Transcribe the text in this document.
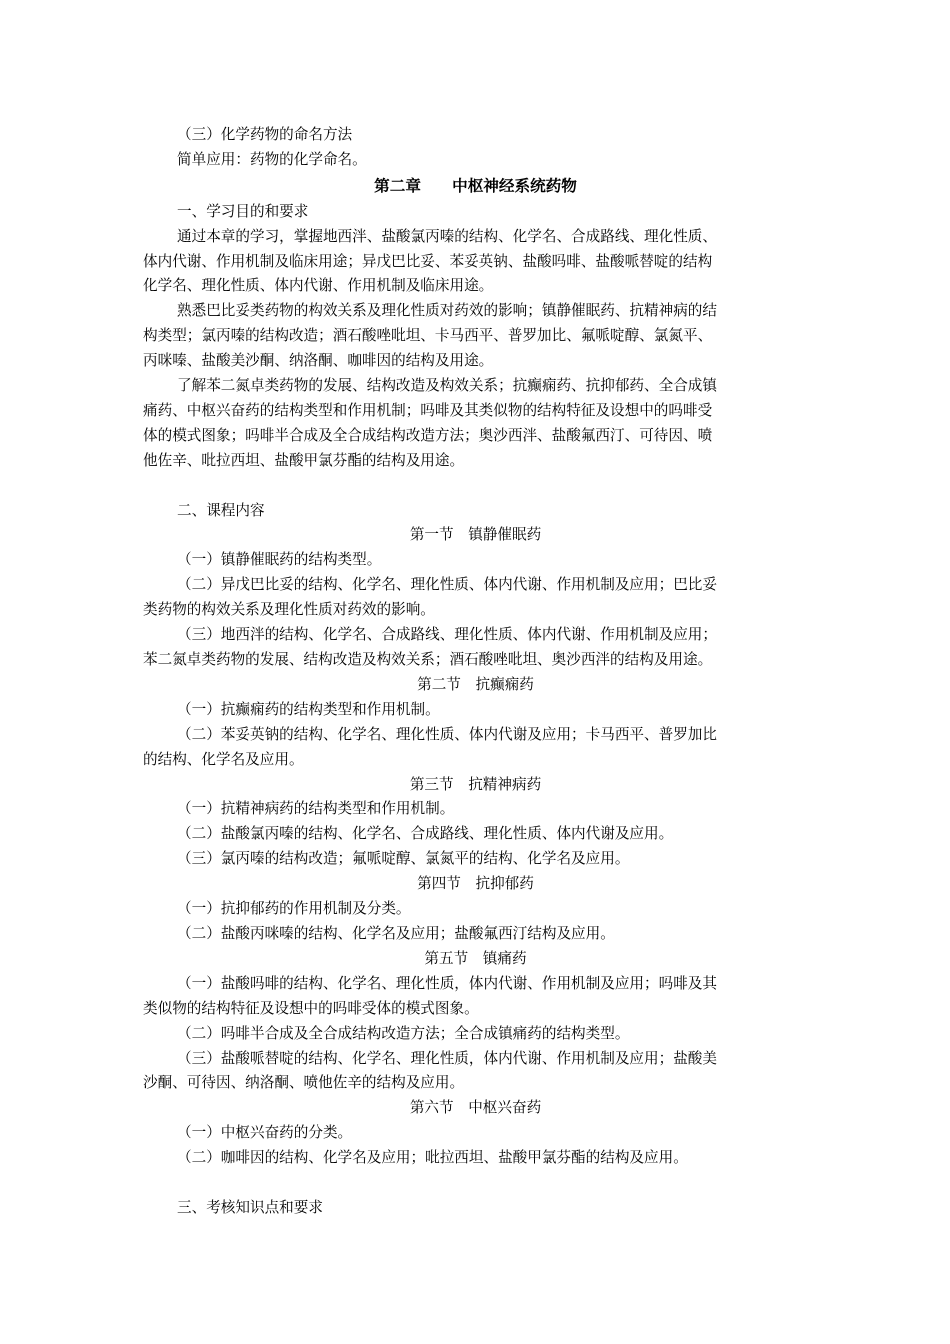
（三）化学药物的命名方法

简单应用：药物的化学命名。

第二章　　中枢神经系统药物

一、学习目的和要求

通过本章的学习，掌握地西泮、盐酸氯丙嗪的结构、化学名、合成路线、理化性质、
体内代谢、作用机制及临床用途；异戊巴比妥、苯妥英钠、盐酸吗啡、盐酸哌替啶的结构
化学名、理化性质、体内代谢、作用机制及临床用途。

熟悉巴比妥类药物的构效关系及理化性质对药效的影响；镇静催眠药、抗精神病的结
构类型；氯丙嗪的结构改造；酒石酸唑吡坦、卡马西平、普罗加比、氟哌啶醇、氯氮平、
丙咪嗪、盐酸美沙酮、纳洛酮、咖啡因的结构及用途。

了解苯二氮卓类药物的发展、结构改造及构效关系；抗癫痫药、抗抑郁药、全合成镇
痛药、中枢兴奋药的结构类型和作用机制；吗啡及其类似物的结构特征及设想中的吗啡受
体的模式图象；吗啡半合成及全合成结构改造方法；奥沙西泮、盐酸氟西汀、可待因、喷
他佐辛、吡拉西坦、盐酸甲氯芬酯的结构及用途。

二、课程内容

第一节　镇静催眠药

（一）镇静催眠药的结构类型。

（二）异戊巴比妥的结构、化学名、理化性质、体内代谢、作用机制及应用；巴比妥
类药物的构效关系及理化性质对药效的影响。

（三）地西泮的结构、化学名、合成路线、理化性质、体内代谢、作用机制及应用；
苯二氮卓类药物的发展、结构改造及构效关系；酒石酸唑吡坦、奥沙西泮的结构及用途。

第二节　抗癫痫药

（一）抗癫痫药的结构类型和作用机制。

（二）苯妥英钠的结构、化学名、理化性质、体内代谢及应用；卡马西平、普罗加比
的结构、化学名及应用。

第三节　抗精神病药

（一）抗精神病药的结构类型和作用机制。

（二）盐酸氯丙嗪的结构、化学名、合成路线、理化性质、体内代谢及应用。

（三）氯丙嗪的结构改造；氟哌啶醇、氯氮平的结构、化学名及应用。

第四节　抗抑郁药

（一）抗抑郁药的作用机制及分类。

（二）盐酸丙咪嗪的结构、化学名及应用；盐酸氟西汀结构及应用。

第五节　镇痛药

（一）盐酸吗啡的结构、化学名、理化性质，体内代谢、作用机制及应用；吗啡及其
类似物的结构特征及设想中的吗啡受体的模式图象。

（二）吗啡半合成及全合成结构改造方法；全合成镇痛药的结构类型。

（三）盐酸哌替啶的结构、化学名、理化性质，体内代谢、作用机制及应用；盐酸美
沙酮、可待因、纳洛酮、喷他佐辛的结构及应用。

第六节　中枢兴奋药

（一）中枢兴奋药的分类。

（二）咖啡因的结构、化学名及应用；吡拉西坦、盐酸甲氯芬酯的结构及应用。

三、考核知识点和要求
